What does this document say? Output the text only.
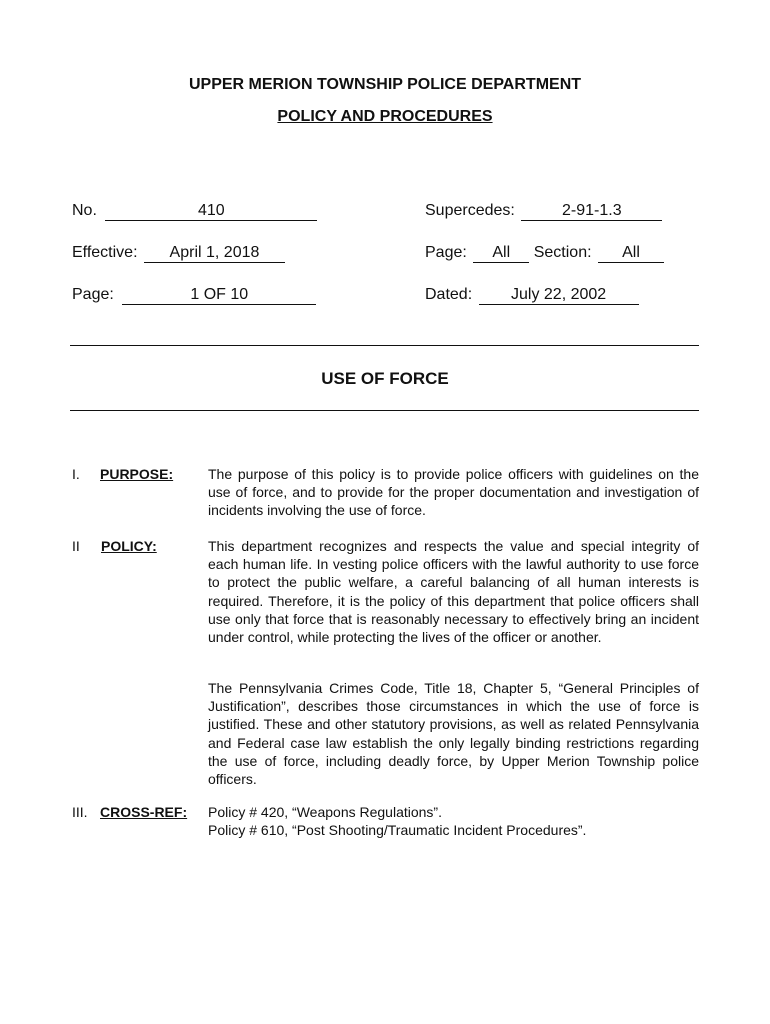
UPPER MERION TOWNSHIP POLICE DEPARTMENT
POLICY AND PROCEDURES
No.	410	Supercedes:	2-91-1.3
Effective: April 1, 2018	Page: All Section: All
Page:	1 OF 10	Dated: July 22, 2002
USE OF FORCE
I. PURPOSE: The purpose of this policy is to provide police officers with guidelines on the use of force, and to provide for the proper documentation and investigation of incidents involving the use of force.
II POLICY:	This department recognizes and respects the value and special integrity of each human life. In vesting police officers with the lawful authority to use force to protect the public welfare, a careful balancing of all human interests is required. Therefore, it is the policy of this department that police officers shall use only that force that is reasonably necessary to effectively bring an incident under control, while protecting the lives of the officer or another.
The Pennsylvania Crimes Code, Title 18, Chapter 5, “General Principles of Justification”, describes those circumstances in which the use of force is justified. These and other statutory provisions, as well as related Pennsylvania and Federal case law establish the only legally binding restrictions regarding the use of force, including deadly force, by Upper Merion Township police officers.
III. CROSS-REF: Policy # 420, “Weapons Regulations”.
Policy # 610, “Post Shooting/Traumatic Incident Procedures”.
